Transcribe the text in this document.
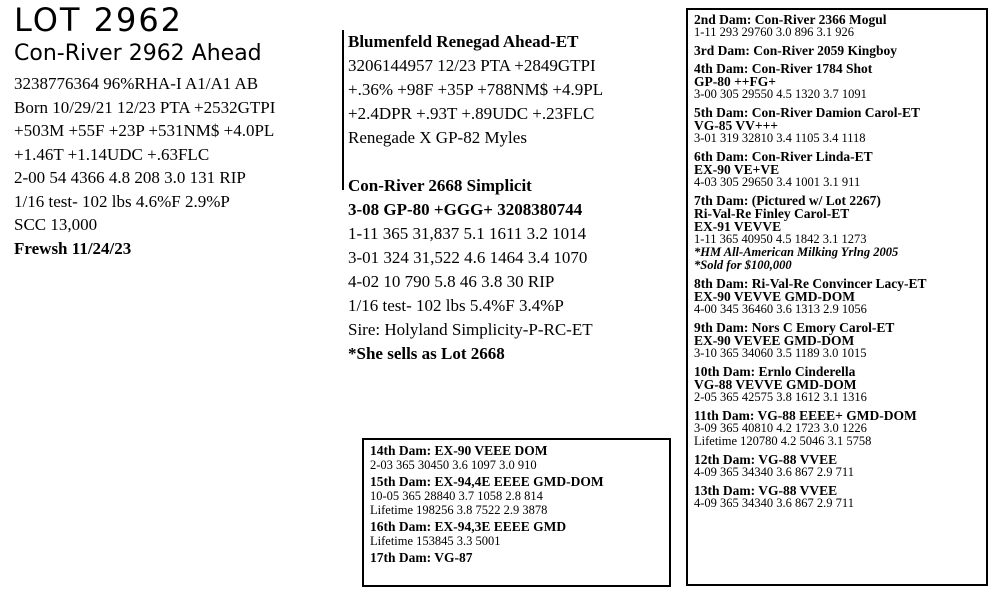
LOT 2962
Con-River 2962 Ahead
3238776364 96%RHA-I A1/A1 AB
Born 10/29/21 12/23 PTA +2532GTPI
+503M +55F +23P +531NM$ +4.0PL
+1.46T +1.14UDC +.63FLC
2-00 54 4366 4.8 208 3.0 131 RIP
1/16 test- 102 lbs 4.6%F 2.9%P
SCC 13,000
Frewsh 11/24/23
Blumenfeld Renegad Ahead-ET
3206144957 12/23 PTA +2849GTPI
+.36% +98F +35P +788NM$ +4.9PL
+2.4DPR +.93T +.89UDC +.23FLC
Renegade X GP-82 Myles
Con-River 2668 Simplicit
3-08 GP-80 +GGG+ 3208380744
1-11 365 31,837 5.1 1611 3.2 1014
3-01 324 31,522 4.6 1464 3.4 1070
4-02 10 790 5.8 46 3.8 30 RIP
1/16 test- 102 lbs 5.4%F 3.4%P
Sire: Holyland Simplicity-P-RC-ET
*She sells as Lot 2668
2nd Dam: Con-River 2366 Mogul
1-11 293 29760 3.0 896 3.1 926
3rd Dam: Con-River 2059 Kingboy
4th Dam: Con-River 1784 Shot
GP-80 ++FG+
3-00 305 29550 4.5 1320 3.7 1091
5th Dam: Con-River Damion Carol-ET
VG-85 VV+++
3-01 319 32810 3.4 1105 3.4 1118
6th Dam: Con-River Linda-ET
EX-90 VE+VE
4-03 305 29650 3.4 1001 3.1 911
7th Dam: (Pictured w/ Lot 2267)
Ri-Val-Re Finley Carol-ET
EX-91 VEVVE
1-11 365 40950 4.5 1842 3.1 1273
*HM All-American Milking Yrlng 2005
*Sold for $100,000
8th Dam: Ri-Val-Re Convincer Lacy-ET
EX-90 VEVVE GMD-DOM
4-00 345 36460 3.6 1313 2.9 1056
9th Dam: Nors C Emory Carol-ET
EX-90 VEVEE GMD-DOM
3-10 365 34060 3.5 1189 3.0 1015
10th Dam: Ernlo Cinderella
VG-88 VEVVE GMD-DOM
2-05 365 42575 3.8 1612 3.1 1316
11th Dam: VG-88 EEEE+ GMD-DOM
3-09 365 40810 4.2 1723 3.0 1226
Lifetime 120780 4.2 5046 3.1 5758
12th Dam: VG-88 VVEE
4-09 365 34340 3.6 867 2.9 711
13th Dam: VG-88 VVEE
4-09 365 34340 3.6 867 2.9 711
14th Dam: EX-90 VEEE DOM
2-03 365 30450 3.6 1097 3.0 910
15th Dam: EX-94,4E EEEE GMD-DOM
10-05 365 28840 3.7 1058 2.8 814
Lifetime 198256 3.8 7522 2.9 3878
16th Dam: EX-94,3E EEEE GMD
Lifetime 153845 3.3 5001
17th Dam: VG-87
